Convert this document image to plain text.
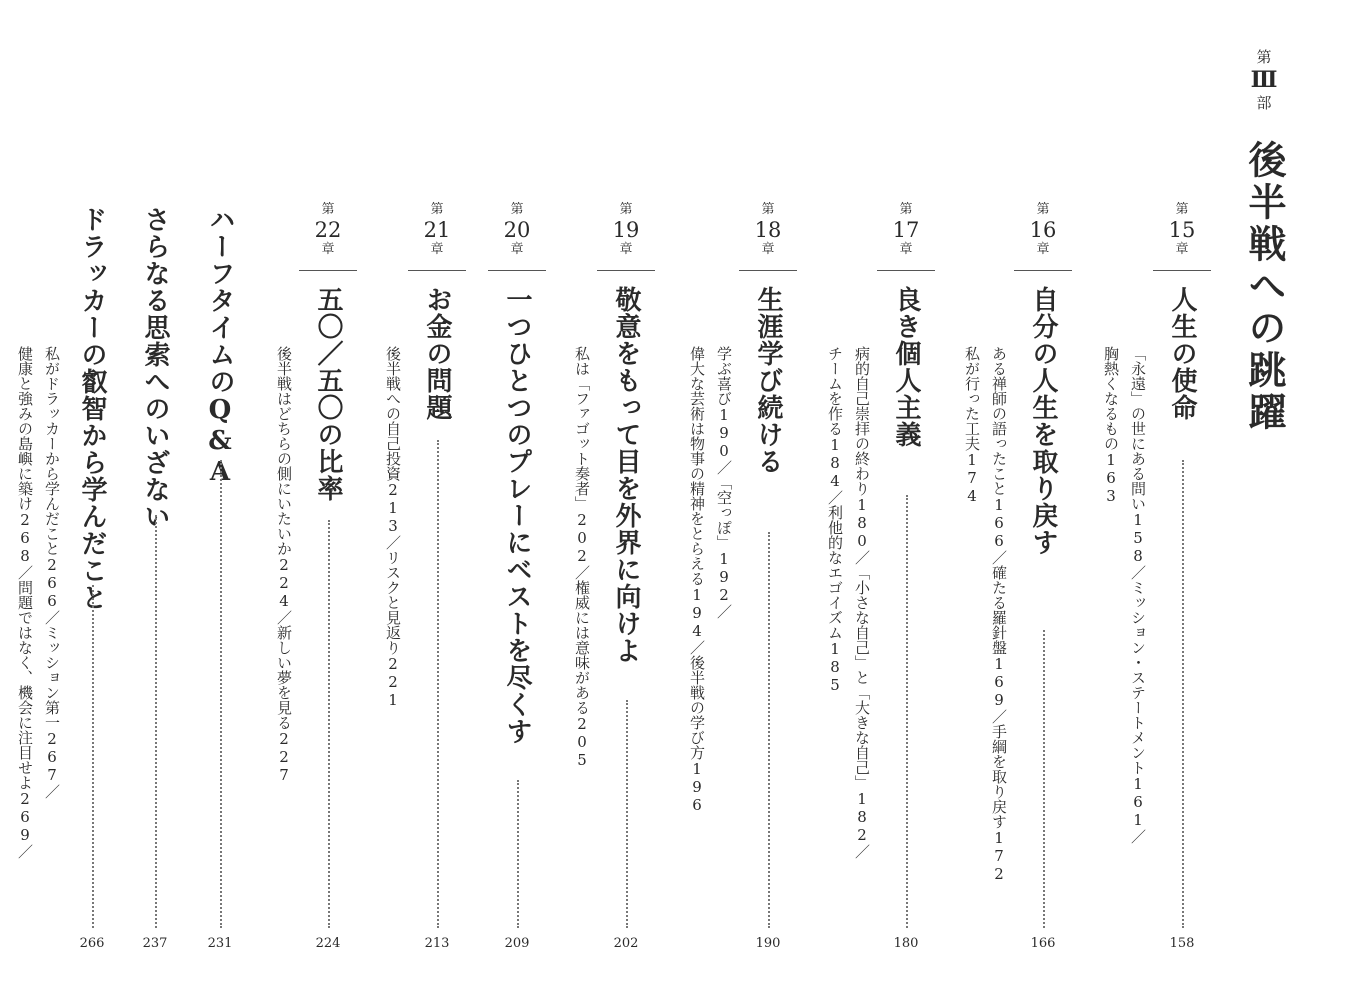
第
Ⅲ
部
後半戦への跳躍
第
15
章
人生の使命
158
「永遠」の世にある問い158／ミッション・ステートメント161／
胸熱くなるもの163
第
16
章
自分の人生を取り戻す
166
ある禅師の語ったこと166／確たる羅針盤169／手綱を取り戻す172
私が行った工夫174
第
17
章
良き個人主義
180
病的自己崇拝の終わり180／「小さな自己」と「大きな自己」182／
チームを作る184／利他的なエゴイズム185
第
18
章
生涯学び続ける
190
学ぶ喜び190／「空っぽ」192／
偉大な芸術は物事の精神をとらえる194／後半戦の学び方196
第
19
章
敬意をもって目を外界に向けよ
202
私は「ファゴット奏者」202／権威には意味がある205
第
20
章
一つひとつのプレーにベストを尽くす
209
第
21
章
お金の問題
213
後半戦への自己投資213／リスクと見返り221
第
22
章
五〇／五〇の比率
224
後半戦はどちらの側にいたいか224／新しい夢を見る227
ハーフタイムのQ&A
231
さらなる思索へのいざない
237
ドラッカーの叡智から学んだこと
266
私がドラッカーから学んだこと266／ミッション第一267／
健康と強みの島嶼に築け268／問題ではなく、機会に注目せよ269／
